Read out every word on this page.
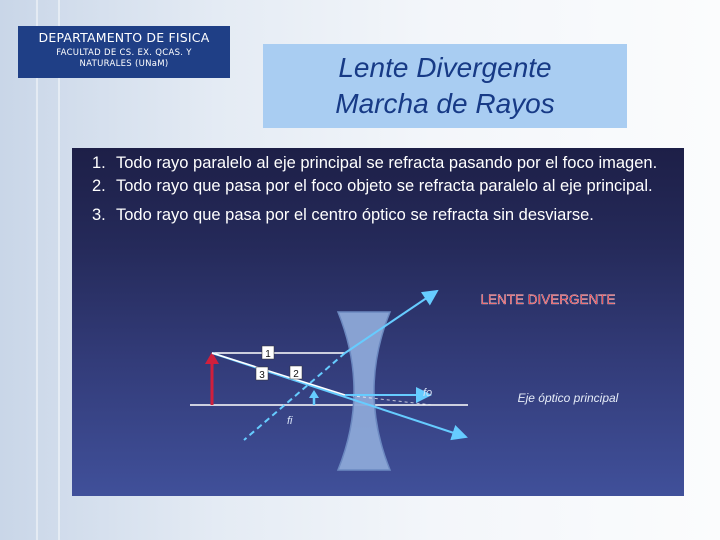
DEPARTAMENTO DE FISICA
FACULTAD DE CS. EX. QCAS. Y
NATURALES (UNaM)	Lente Divergente
Marcha de Rayos
1. Todo rayo paralelo al eje principal se refracta pasando por el foco imagen.
2. Todo rayo que pasa por el foco objeto se refracta paralelo al eje principal.
3. Todo rayo que pasa por el centro óptico se refracta sin desviarse.
1
3	2
fo
fi
LENTE DIVERGENTE
Eje óptico principal
